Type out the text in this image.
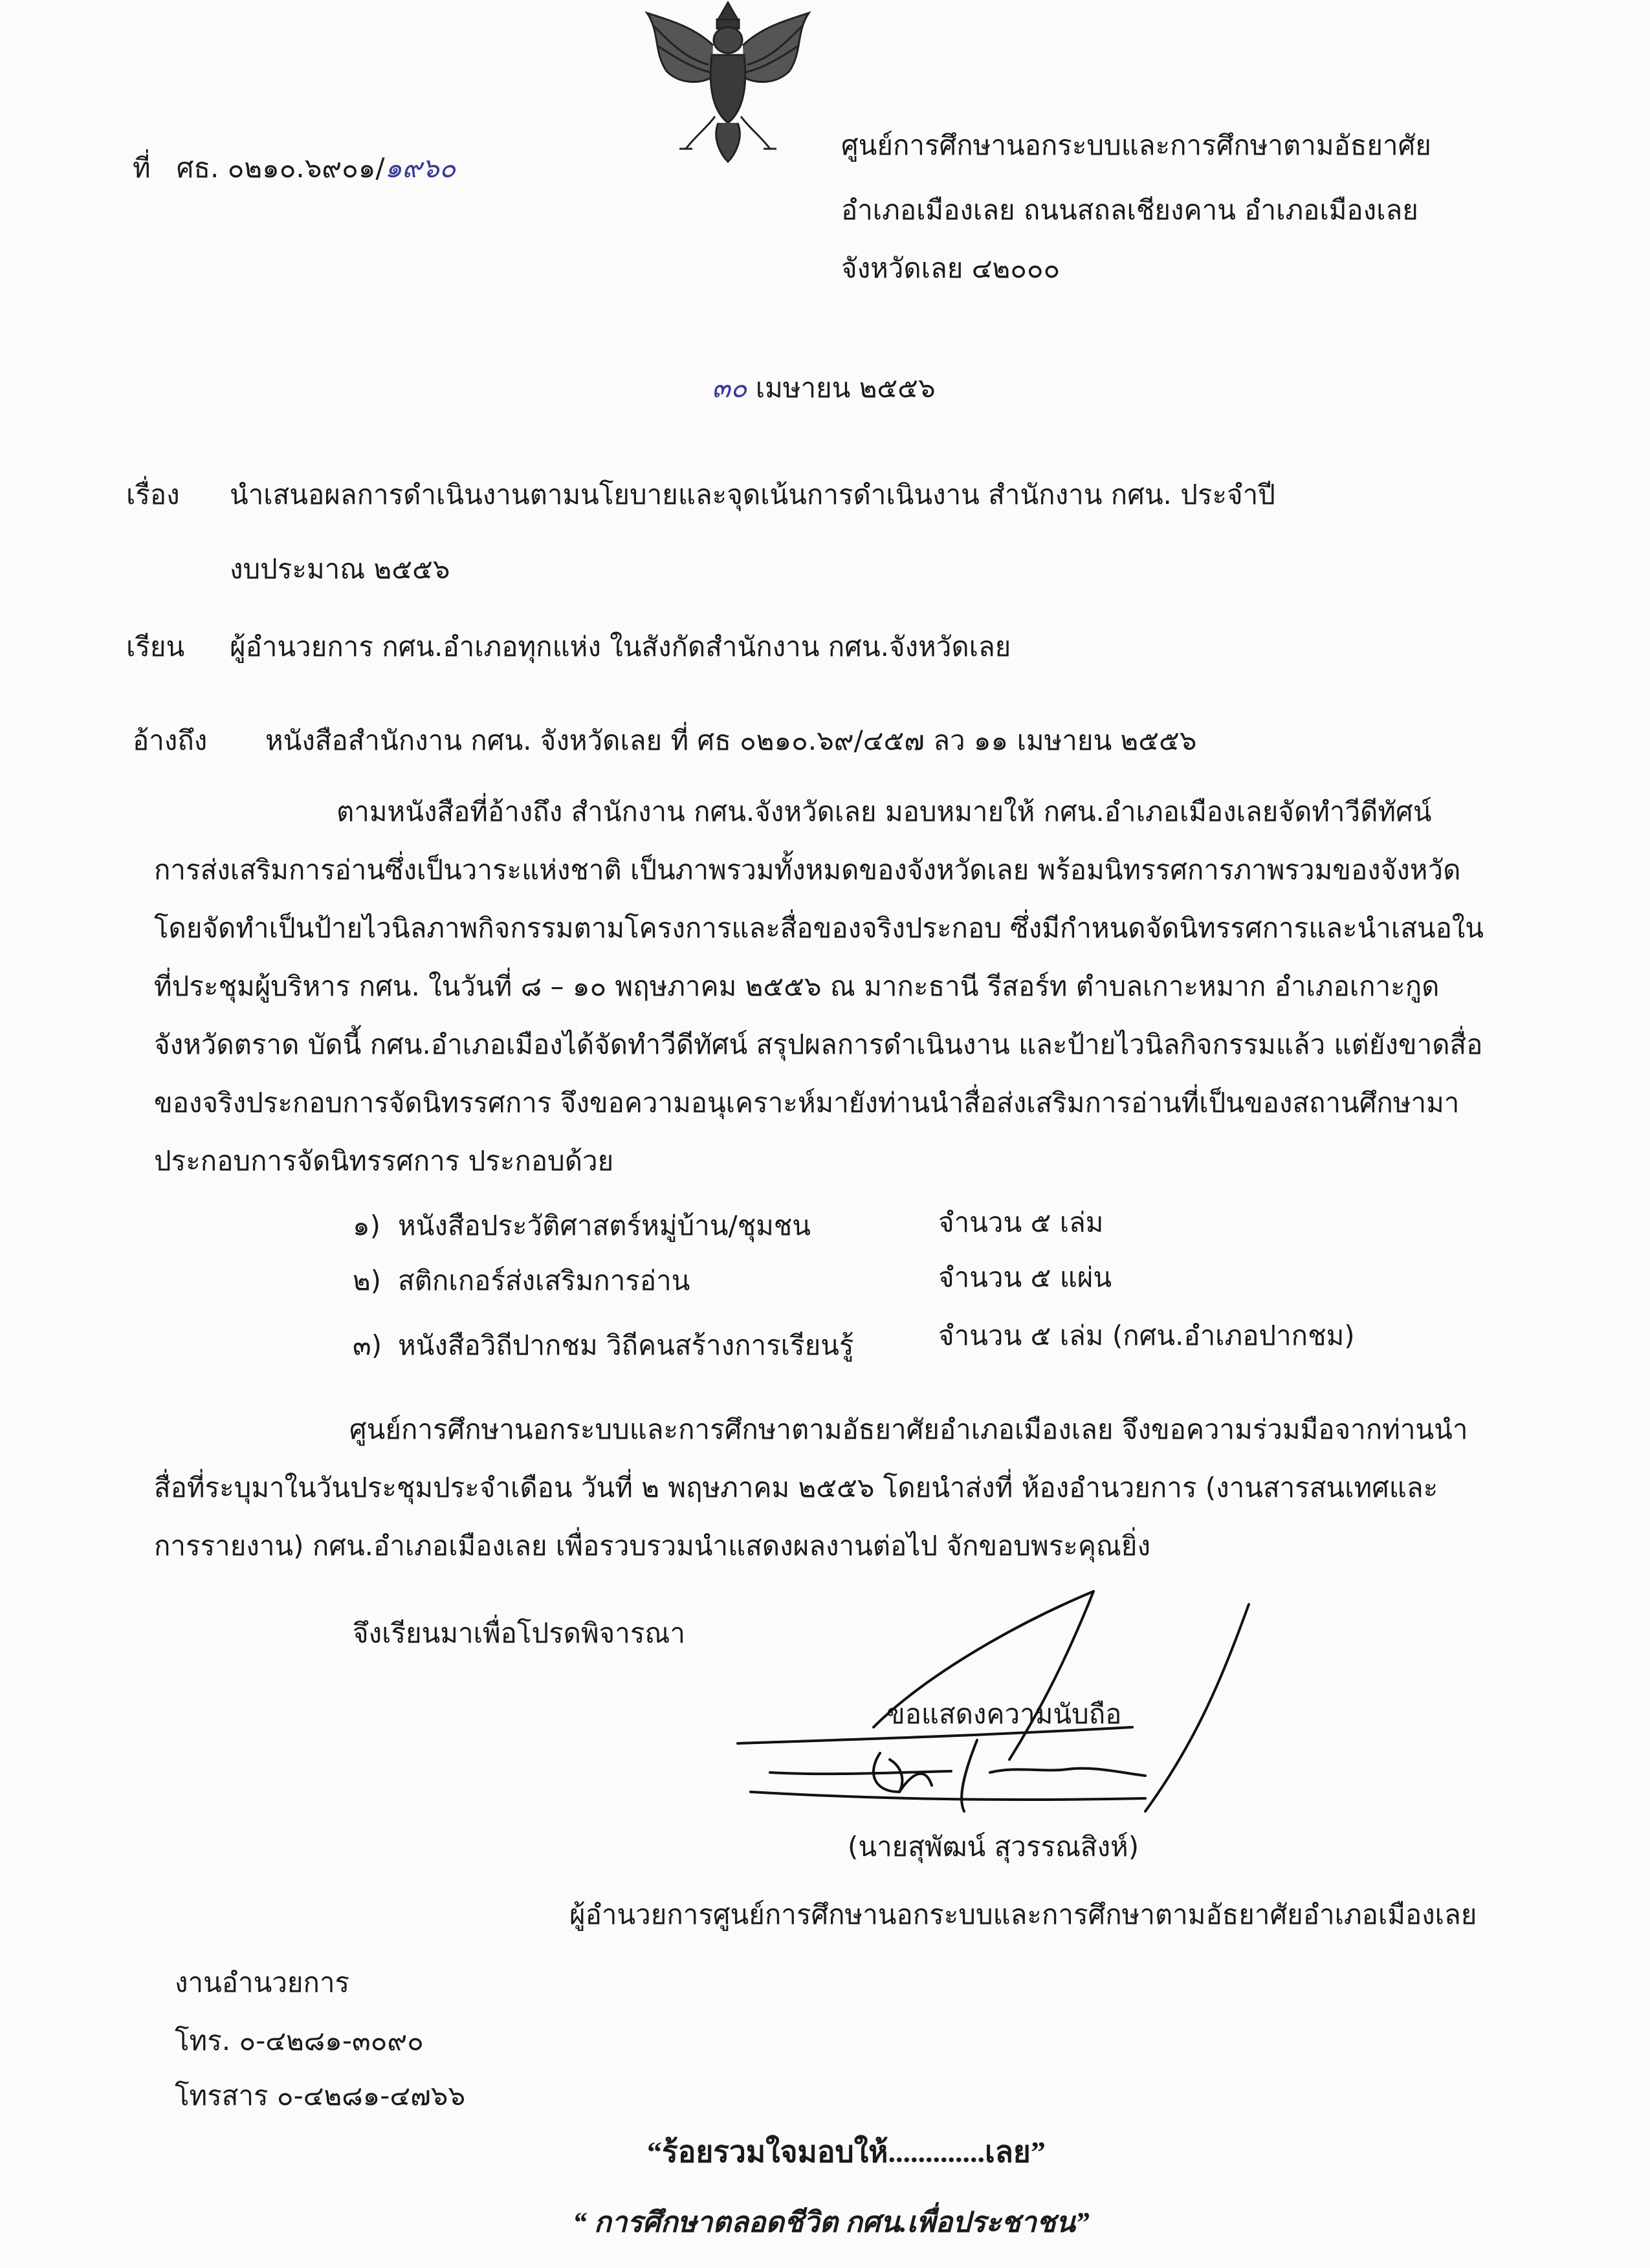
ที่ ศธ. ๐๒๑๐.๖๙๐๑/๑๙๖๐
ศูนย์การศึกษานอกระบบและการศึกษาตามอัธยาศัย
อำเภอเมืองเลย ถนนสถลเชียงคาน อำเภอเมืองเลย
จังหวัดเลย ๔๒๐๐๐
๓๐ เมษายน ๒๕๕๖
เรื่อง นำเสนอผลการดำเนินงานตามนโยบายและจุดเน้นการดำเนินงาน สำนักงาน กศน. ประจำปี
งบประมาณ ๒๕๕๖
เรียน ผู้อำนวยการ กศน.อำเภอทุกแห่ง ในสังกัดสำนักงาน กศน.จังหวัดเลย
อ้างถึง หนังสือสำนักงาน กศน. จังหวัดเลย ที่ ศธ ๐๒๑๐.๖๙/๔๕๗ ลว ๑๑ เมษายน ๒๕๕๖
ตามหนังสือที่อ้างถึง สำนักงาน กศน.จังหวัดเลย มอบหมายให้ กศน.อำเภอเมืองเลยจัดทำวีดีทัศน์
การส่งเสริมการอ่านซึ่งเป็นวาระแห่งชาติ เป็นภาพรวมทั้งหมดของจังหวัดเลย พร้อมนิทรรศการภาพรวมของจังหวัด
โดยจัดทำเป็นป้ายไวนิลภาพกิจกรรมตามโครงการและสื่อของจริงประกอบ ซึ่งมีกำหนดจัดนิทรรศการและนำเสนอใน
ที่ประชุมผู้บริหาร กศน. ในวันที่ ๘ – ๑๐ พฤษภาคม ๒๕๕๖ ณ มากะธานี รีสอร์ท ตำบลเกาะหมาก อำเภอเกาะกูด
จังหวัดตราด บัดนี้ กศน.อำเภอเมืองได้จัดทำวีดีทัศน์ สรุปผลการดำเนินงาน และป้ายไวนิลกิจกรรมแล้ว แต่ยังขาดสื่อ
ของจริงประกอบการจัดนิทรรศการ จึงขอความอนุเคราะห์มายังท่านนำสื่อส่งเสริมการอ่านที่เป็นของสถานศึกษามา
ประกอบการจัดนิทรรศการ ประกอบด้วย
๑) หนังสือประวัติศาสตร์หมู่บ้าน/ชุมชน	จำนวน ๕ เล่ม
๒) สติกเกอร์ส่งเสริมการอ่าน	จำนวน ๕ แผ่น
๓) หนังสือวิถีปากชม วิถีคนสร้างการเรียนรู้	จำนวน ๕ เล่ม (กศน.อำเภอปากชม)
ศูนย์การศึกษานอกระบบและการศึกษาตามอัธยาศัยอำเภอเมืองเลย จึงขอความร่วมมือจากท่านนำ
สื่อที่ระบุมาในวันประชุมประจำเดือน วันที่ ๒ พฤษภาคม ๒๕๕๖ โดยนำส่งที่ ห้องอำนวยการ (งานสารสนเทศและ
การรายงาน) กศน.อำเภอเมืองเลย เพื่อรวบรวมนำแสดงผลงานต่อไป จักขอบพระคุณยิ่ง
จึงเรียนมาเพื่อโปรดพิจารณา
ขอแสดงความนับถือ
(นายสุพัฒน์ สุวรรณสิงห์)
ผู้อำนวยการศูนย์การศึกษานอกระบบและการศึกษาตามอัธยาศัยอำเภอเมืองเลย
งานอำนวยการ
โทร. ๐-๔๒๘๑-๓๐๙๐
โทรสาร ๐-๔๒๘๑-๔๗๖๖
“ร้อยรวมใจมอบให้.............เลย”
“ การศึกษาตลอดชีวิต กศน.เพื่อประชาชน”
